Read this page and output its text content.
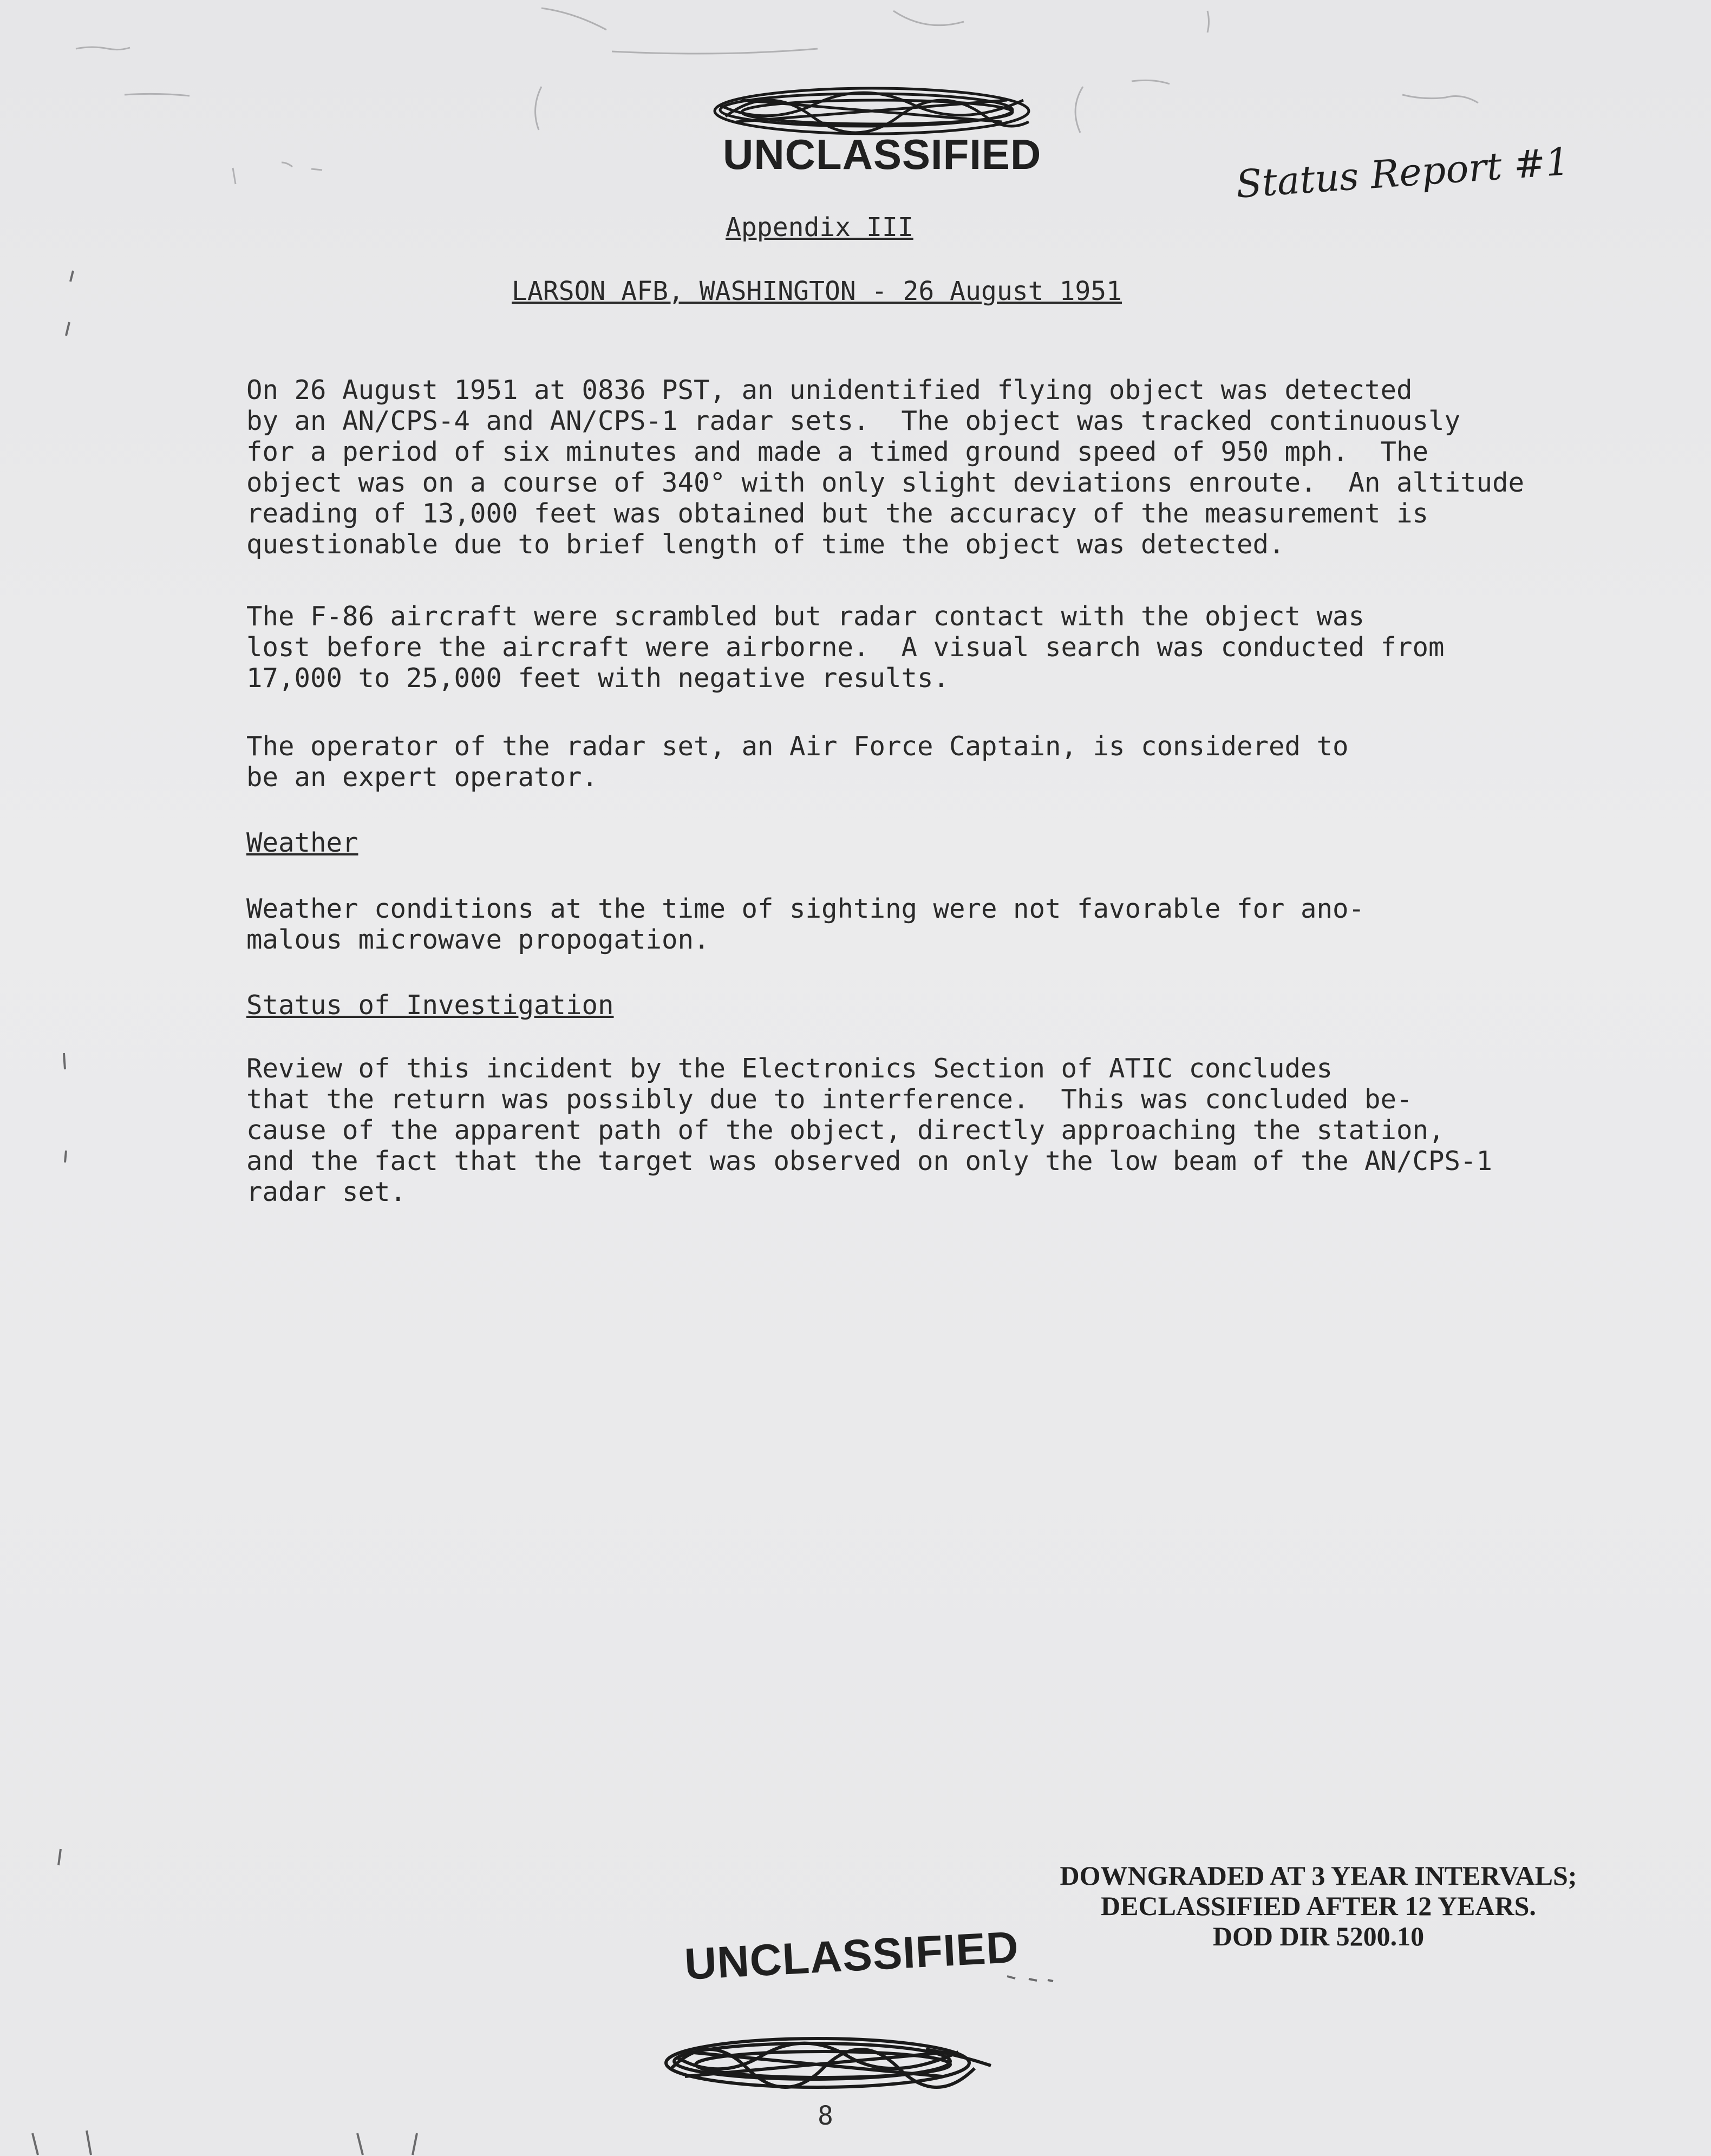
UNCLASSIFIED	Status Report #1
Appendix III
LARSON AFB, WASHINGTON - 26 August 1951

On 26 August 1951 at 0836 PST, an unidentified flying object was detected
by an AN/CPS-4 and AN/CPS-1 radar sets.  The object was tracked continuously
for a period of six minutes and made a timed ground speed of 950 mph.  The
object was on a course of 340° with only slight deviations enroute.  An altitude
reading of 13,000 feet was obtained but the accuracy of the measurement is
questionable due to brief length of time the object was detected.

The F-86 aircraft were scrambled but radar contact with the object was
lost before the aircraft were airborne.  A visual search was conducted from
17,000 to 25,000 feet with negative results.

The operator of the radar set, an Air Force Captain, is considered to
be an expert operator.

Weather

Weather conditions at the time of sighting were not favorable for ano-
malous microwave propogation.

Status of Investigation

Review of this incident by the Electronics Section of ATIC concludes
that the return was possibly due to interference.  This was concluded be-
cause of the apparent path of the object, directly approaching the station,
and the fact that the target was observed on only the low beam of the AN/CPS-1
radar set.

DOWNGRADED AT 3 YEAR INTERVALS;
DECLASSIFIED AFTER 12 YEARS.
DOD DIR 5200.10
UNCLASSIFIED
8
